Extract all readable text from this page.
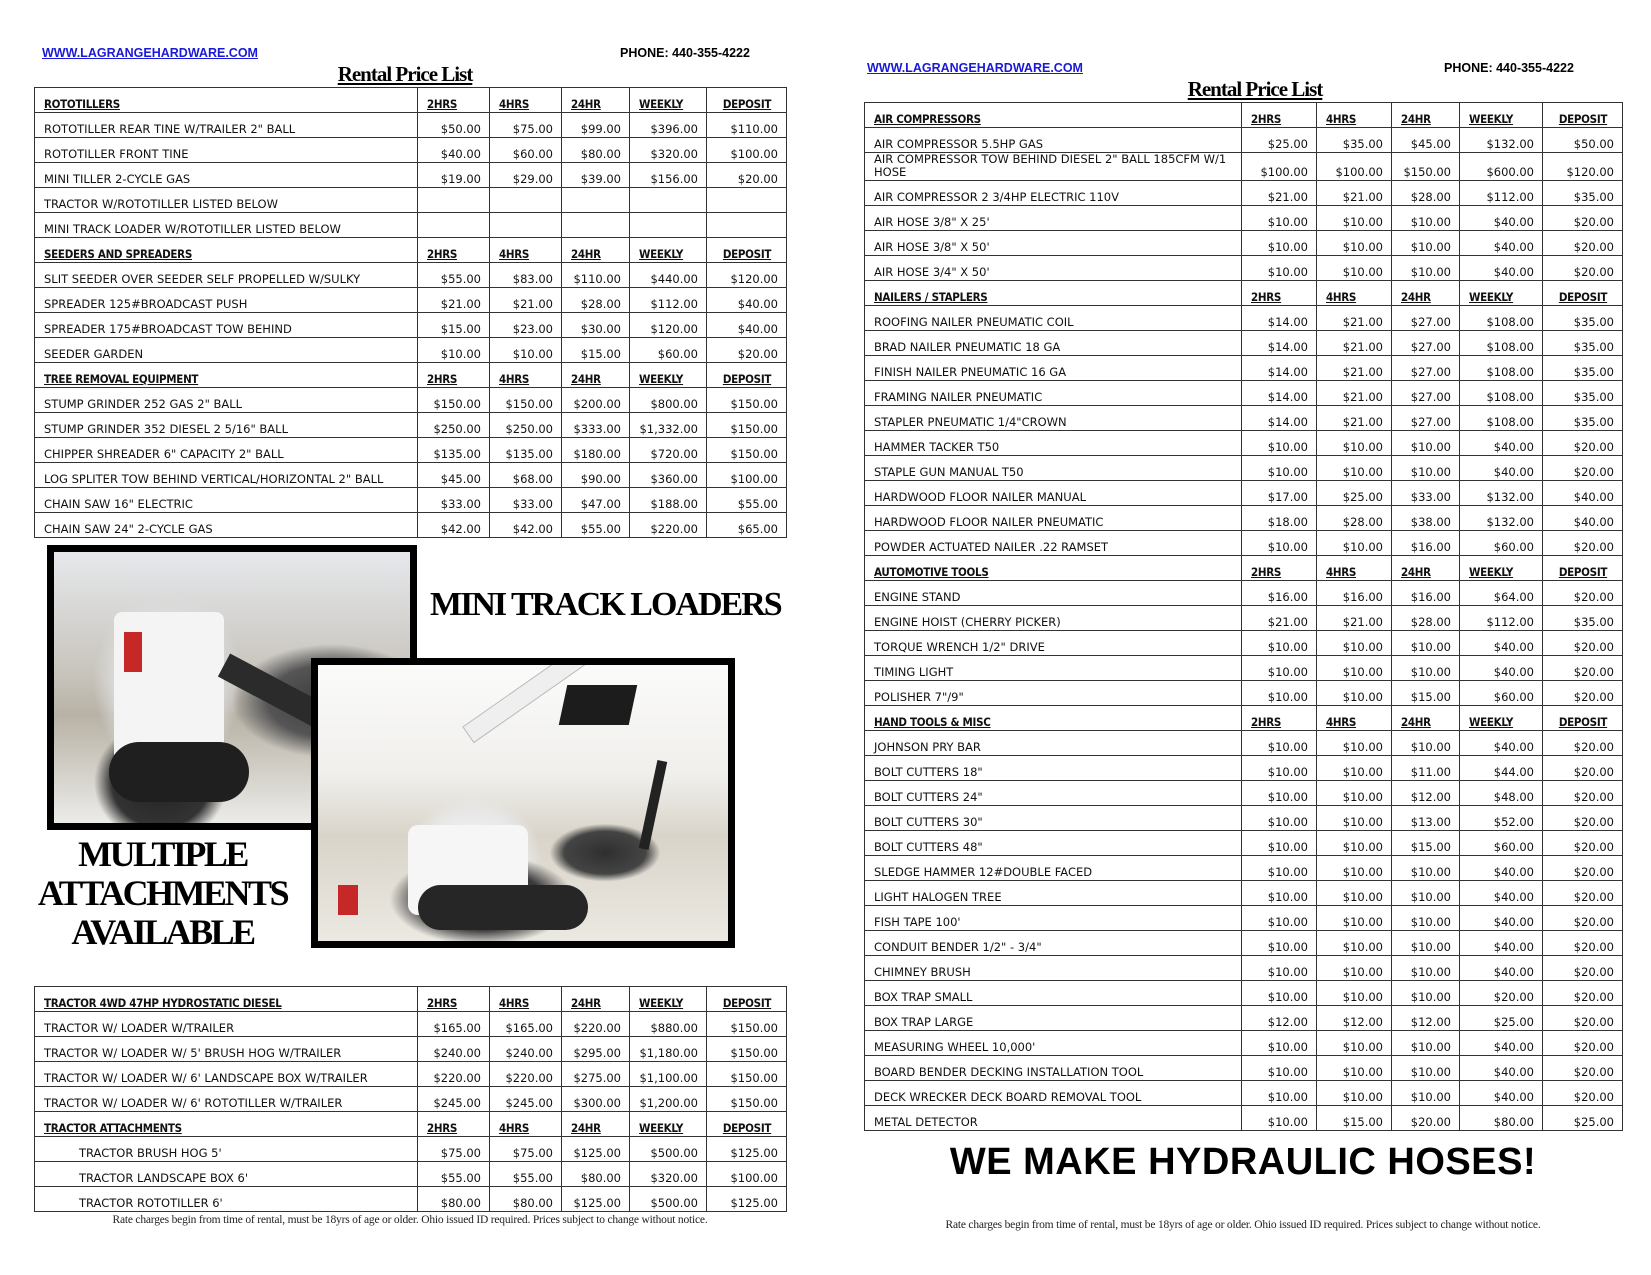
WWW.LAGRANGEHARDWARE.COM	PHONE: 440-355-4222
Rental Price List
ROTOTILLERS	2HRS	4HRS	24HR	WEEKLY	DEPOSIT
ROTOTILLER REAR TINE W/TRAILER 2" BALL	$50.00	$75.00	$99.00	$396.00	$110.00
ROTOTILLER FRONT TINE	$40.00	$60.00	$80.00	$320.00	$100.00
MINI TILLER 2-CYCLE GAS	$19.00	$29.00	$39.00	$156.00	$20.00
TRACTOR W/ROTOTILLER LISTED BELOW					
MINI TRACK LOADER W/ROTOTILLER LISTED BELOW					
SEEDERS AND SPREADERS	2HRS	4HRS	24HR	WEEKLY	DEPOSIT
SLIT SEEDER OVER SEEDER SELF PROPELLED W/SULKY	$55.00	$83.00	$110.00	$440.00	$120.00
SPREADER 125#BROADCAST PUSH	$21.00	$21.00	$28.00	$112.00	$40.00
SPREADER 175#BROADCAST TOW BEHIND	$15.00	$23.00	$30.00	$120.00	$40.00
SEEDER GARDEN	$10.00	$10.00	$15.00	$60.00	$20.00
TREE REMOVAL EQUIPMENT	2HRS	4HRS	24HR	WEEKLY	DEPOSIT
STUMP GRINDER 252 GAS 2" BALL	$150.00	$150.00	$200.00	$800.00	$150.00
STUMP GRINDER 352 DIESEL 2 5/16" BALL	$250.00	$250.00	$333.00	$1,332.00	$150.00
CHIPPER SHREADER 6" CAPACITY 2" BALL	$135.00	$135.00	$180.00	$720.00	$150.00
LOG SPLITER TOW BEHIND VERTICAL/HORIZONTAL 2" BALL	$45.00	$68.00	$90.00	$360.00	$100.00
CHAIN SAW 16" ELECTRIC	$33.00	$33.00	$47.00	$188.00	$55.00
CHAIN SAW 24" 2-CYCLE GAS	$42.00	$42.00	$55.00	$220.00	$65.00
MINI TRACK LOADERS
MULTIPLE
ATTACHMENTS
AVAILABLE
TRACTOR 4WD 47HP HYDROSTATIC DIESEL	2HRS	4HRS	24HR	WEEKLY	DEPOSIT
TRACTOR W/ LOADER W/TRAILER	$165.00	$165.00	$220.00	$880.00	$150.00
TRACTOR W/ LOADER W/ 5' BRUSH HOG W/TRAILER	$240.00	$240.00	$295.00	$1,180.00	$150.00
TRACTOR W/ LOADER W/ 6' LANDSCAPE BOX W/TRAILER	$220.00	$220.00	$275.00	$1,100.00	$150.00
TRACTOR W/ LOADER W/ 6' ROTOTILLER W/TRAILER	$245.00	$245.00	$300.00	$1,200.00	$150.00
TRACTOR ATTACHMENTS	2HRS	4HRS	24HR	WEEKLY	DEPOSIT
TRACTOR BRUSH HOG 5'	$75.00	$75.00	$125.00	$500.00	$125.00
TRACTOR LANDSCAPE BOX 6'	$55.00	$55.00	$80.00	$320.00	$100.00
TRACTOR ROTOTILLER 6'	$80.00	$80.00	$125.00	$500.00	$125.00
Rate charges begin from time of rental, must be 18yrs of age or older. Ohio issued ID required. Prices subject to change without notice.
WWW.LAGRANGEHARDWARE.COM	PHONE: 440-355-4222
Rental Price List
AIR COMPRESSORS	2HRS	4HRS	24HR	WEEKLY	DEPOSIT
AIR COMPRESSOR 5.5HP GAS	$25.00	$35.00	$45.00	$132.00	$50.00
AIR COMPRESSOR TOW BEHIND DIESEL 2" BALL 185CFM W/1 HOSE	$100.00	$100.00	$150.00	$600.00	$120.00
AIR COMPRESSOR 2 3/4HP ELECTRIC 110V	$21.00	$21.00	$28.00	$112.00	$35.00
AIR HOSE 3/8" X 25'	$10.00	$10.00	$10.00	$40.00	$20.00
AIR HOSE 3/8" X 50'	$10.00	$10.00	$10.00	$40.00	$20.00
AIR HOSE 3/4" X 50'	$10.00	$10.00	$10.00	$40.00	$20.00
NAILERS / STAPLERS	2HRS	4HRS	24HR	WEEKLY	DEPOSIT
ROOFING NAILER PNEUMATIC COIL	$14.00	$21.00	$27.00	$108.00	$35.00
BRAD NAILER PNEUMATIC 18 GA	$14.00	$21.00	$27.00	$108.00	$35.00
FINISH NAILER PNEUMATIC 16 GA	$14.00	$21.00	$27.00	$108.00	$35.00
FRAMING NAILER PNEUMATIC	$14.00	$21.00	$27.00	$108.00	$35.00
STAPLER PNEUMATIC 1/4"CROWN	$14.00	$21.00	$27.00	$108.00	$35.00
HAMMER TACKER T50	$10.00	$10.00	$10.00	$40.00	$20.00
STAPLE GUN MANUAL T50	$10.00	$10.00	$10.00	$40.00	$20.00
HARDWOOD FLOOR NAILER MANUAL	$17.00	$25.00	$33.00	$132.00	$40.00
HARDWOOD FLOOR NAILER PNEUMATIC	$18.00	$28.00	$38.00	$132.00	$40.00
POWDER ACTUATED NAILER .22 RAMSET	$10.00	$10.00	$16.00	$60.00	$20.00
AUTOMOTIVE TOOLS	2HRS	4HRS	24HR	WEEKLY	DEPOSIT
ENGINE STAND	$16.00	$16.00	$16.00	$64.00	$20.00
ENGINE HOIST (CHERRY PICKER)	$21.00	$21.00	$28.00	$112.00	$35.00
TORQUE WRENCH 1/2" DRIVE	$10.00	$10.00	$10.00	$40.00	$20.00
TIMING LIGHT	$10.00	$10.00	$10.00	$40.00	$20.00
POLISHER 7"/9"	$10.00	$10.00	$15.00	$60.00	$20.00
HAND TOOLS & MISC	2HRS	4HRS	24HR	WEEKLY	DEPOSIT
JOHNSON PRY BAR	$10.00	$10.00	$10.00	$40.00	$20.00
BOLT CUTTERS 18"	$10.00	$10.00	$11.00	$44.00	$20.00
BOLT CUTTERS 24"	$10.00	$10.00	$12.00	$48.00	$20.00
BOLT CUTTERS 30"	$10.00	$10.00	$13.00	$52.00	$20.00
BOLT CUTTERS 48"	$10.00	$10.00	$15.00	$60.00	$20.00
SLEDGE HAMMER 12#DOUBLE FACED	$10.00	$10.00	$10.00	$40.00	$20.00
LIGHT HALOGEN TREE	$10.00	$10.00	$10.00	$40.00	$20.00
FISH TAPE 100'	$10.00	$10.00	$10.00	$40.00	$20.00
CONDUIT BENDER 1/2" - 3/4"	$10.00	$10.00	$10.00	$40.00	$20.00
CHIMNEY BRUSH	$10.00	$10.00	$10.00	$40.00	$20.00
BOX TRAP SMALL	$10.00	$10.00	$10.00	$20.00	$20.00
BOX TRAP LARGE	$12.00	$12.00	$12.00	$25.00	$20.00
MEASURING WHEEL 10,000'	$10.00	$10.00	$10.00	$40.00	$20.00
BOARD BENDER DECKING INSTALLATION TOOL	$10.00	$10.00	$10.00	$40.00	$20.00
DECK WRECKER DECK BOARD REMOVAL TOOL	$10.00	$10.00	$10.00	$40.00	$20.00
METAL DETECTOR	$10.00	$15.00	$20.00	$80.00	$25.00
WE MAKE HYDRAULIC HOSES!
Rate charges begin from time of rental, must be 18yrs of age or older. Ohio issued ID required. Prices subject to change without notice.
